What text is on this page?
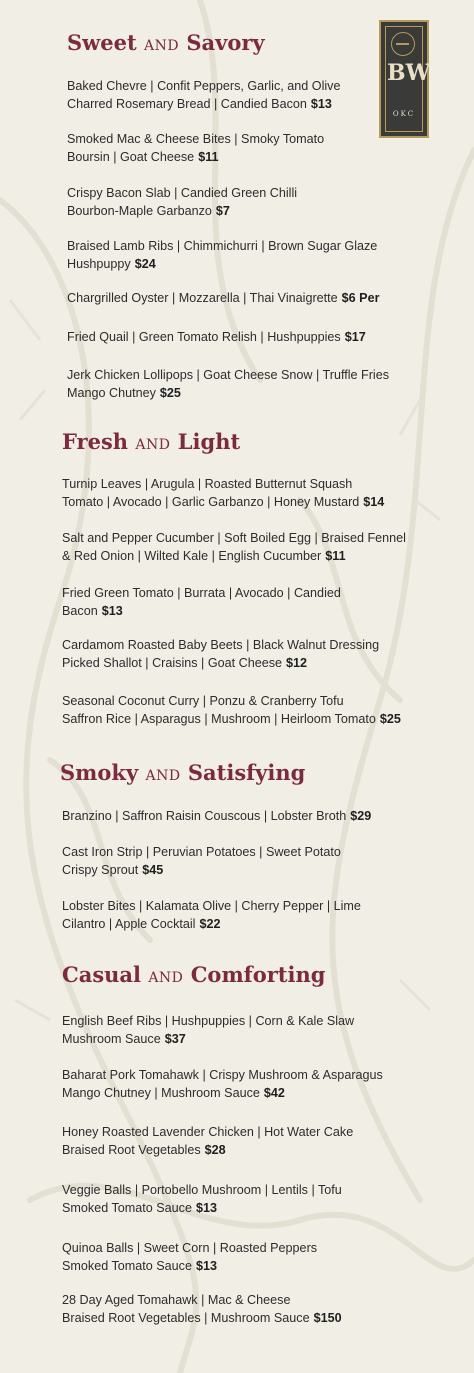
BW
OKC
Sweet AND Savory
Baked Chevre | Confit Peppers, Garlic, and Olive
Charred Rosemary Bread | Candied Bacon $13
Smoked Mac & Cheese Bites | Smoky Tomato
Boursin | Goat Cheese $11
Crispy Bacon Slab | Candied Green Chilli
Bourbon-Maple Garbanzo $7
Braised Lamb Ribs | Chimmichurri | Brown Sugar Glaze
Hushpuppy $24
Chargrilled Oyster | Mozzarella | Thai Vinaigrette $6 Per
Fried Quail | Green Tomato Relish | Hushpuppies $17
Jerk Chicken Lollipops | Goat Cheese Snow | Truffle Fries
Mango Chutney $25
Fresh AND Light
Turnip Leaves | Arugula | Roasted Butternut Squash
Tomato | Avocado | Garlic Garbanzo | Honey Mustard $14
Salt and Pepper Cucumber | Soft Boiled Egg | Braised Fennel
& Red Onion | Wilted Kale | English Cucumber $11
Fried Green Tomato | Burrata | Avocado | Candied
Bacon $13
Cardamom Roasted Baby Beets | Black Walnut Dressing
Picked Shallot | Craisins | Goat Cheese $12
Seasonal Coconut Curry | Ponzu & Cranberry Tofu
Saffron Rice | Asparagus | Mushroom | Heirloom Tomato $25
Smoky AND Satisfying
Branzino | Saffron Raisin Couscous | Lobster Broth $29
Cast Iron Strip | Peruvian Potatoes | Sweet Potato
Crispy Sprout $45
Lobster Bites | Kalamata Olive | Cherry Pepper | Lime
Cilantro | Apple Cocktail $22
Casual AND Comforting
English Beef Ribs | Hushpuppies | Corn & Kale Slaw
Mushroom Sauce $37
Baharat Pork Tomahawk | Crispy Mushroom & Asparagus
Mango Chutney | Mushroom Sauce $42
Honey Roasted Lavender Chicken | Hot Water Cake
Braised Root Vegetables $28
Veggie Balls | Portobello Mushroom | Lentils | Tofu
Smoked Tomato Sauce $13
Quinoa Balls | Sweet Corn | Roasted Peppers
Smoked Tomato Sauce $13
28 Day Aged Tomahawk | Mac & Cheese
Braised Root Vegetables | Mushroom Sauce $150
